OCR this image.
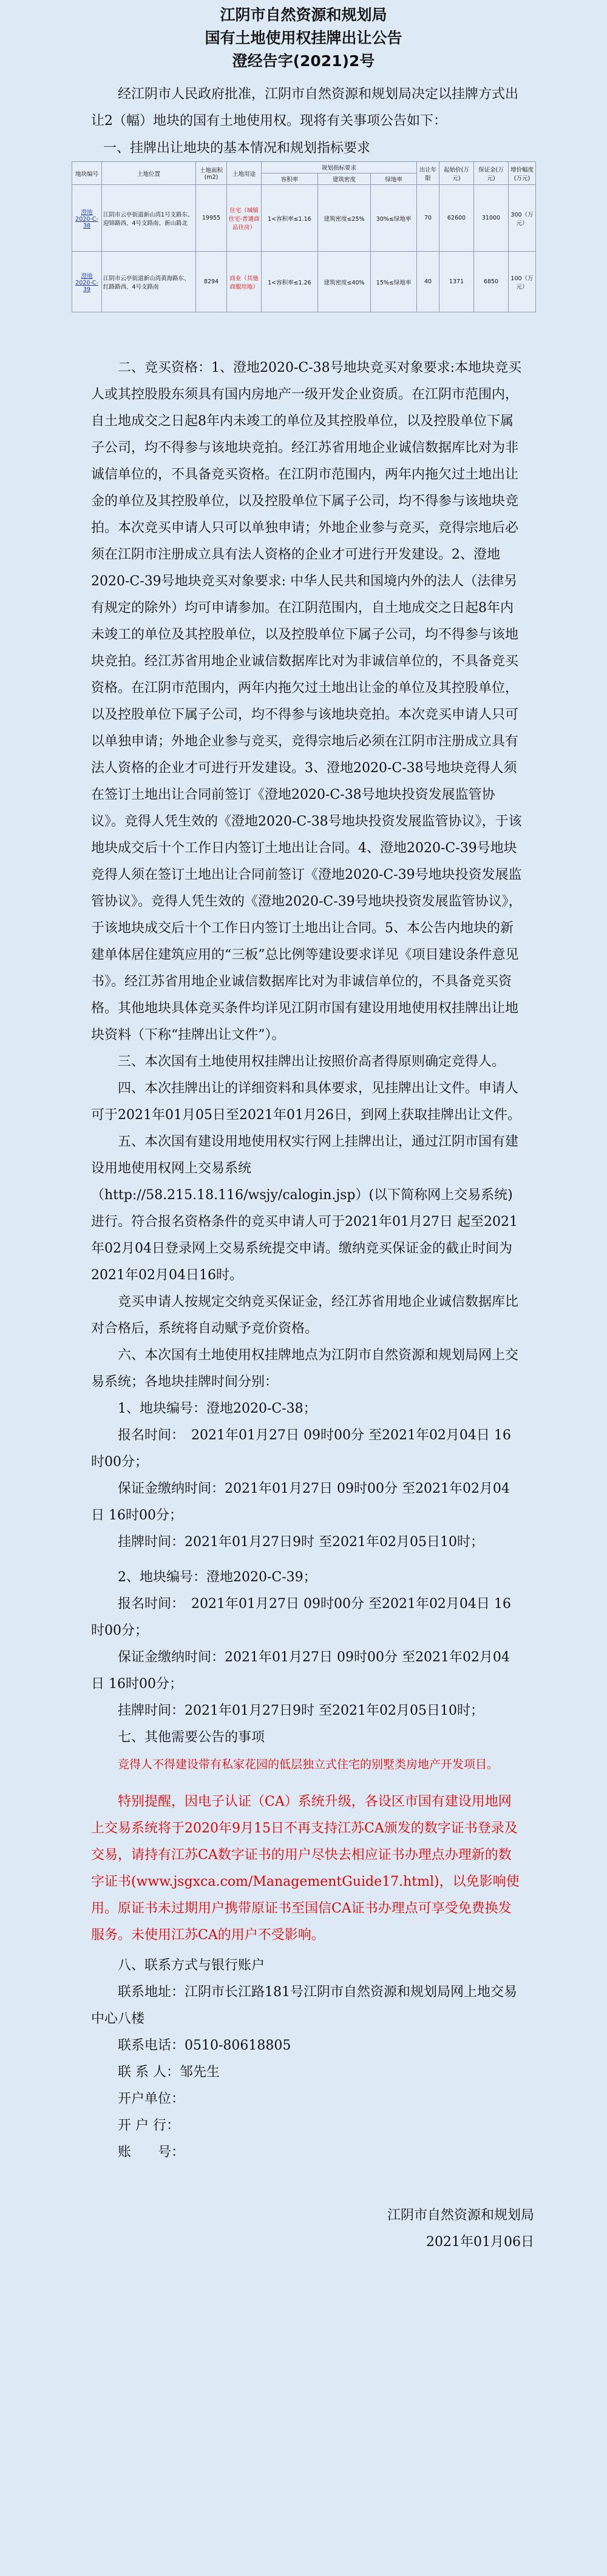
江阴市自然资源和规划局
国有土地使用权挂牌出让公告
澄经告字(2021)2号

经江阴市人民政府批准，江阴市自然资源和规划局决定以挂牌方式出让2（幅）地块的国有土地使用权。现将有关事项公告如下：

一、挂牌出让地块的基本情况和规划指标要求
地块编号	土地位置	土地面积(m2)	土地用途	规划指标要求			出让年限	起始价(万元)	保证金(万元)	增价幅度(万元)
				容积率	建筑密度	绿地率				
澄地2020-C-38	江阴市云亭街道新山湾1号支路东、迎锦路西、4号支路南、新山路北	19955	住宅（城镇住宅-普通商品住房）	1<容积率≤1.16	建筑密度≤25%	30%≤绿地率	70	62600	31000	300（万元）
澄地2020-C-39	江阴市云亭街道新山湾黄海路东、红路路西、4号支路南	8294	商业（其他商服用地）	1<容积率≤1.26	建筑密度≤40%	15%≤绿地率	40	1371	6850	100（万元）

二、竞买资格：1、澄地2020-C-38号地块竞买对象要求:本地块竞买人或其控股股东须具有国内房地产一级开发企业资质。在江阴市范围内，自土地成交之日起8年内未竣工的单位及其控股单位，以及控股单位下属子公司，均不得参与该地块竞拍。经江苏省用地企业诚信数据库比对为非诚信单位的，不具备竞买资格。在江阴市范围内，两年内拖欠过土地出让金的单位及其控股单位，以及控股单位下属子公司，均不得参与该地块竞拍。本次竞买申请人只可以单独申请；外地企业参与竞买，竞得宗地后必须在江阴市注册成立具有法人资格的企业才可进行开发建设。2、澄地2020-C-39号地块竞买对象要求: 中华人民共和国境内外的法人（法律另有规定的除外）均可申请参加。在江阴范围内，自土地成交之日起8年内未竣工的单位及其控股单位，以及控股单位下属子公司，均不得参与该地块竞拍。经江苏省用地企业诚信数据库比对为非诚信单位的，不具备竞买资格。在江阴市范围内，两年内拖欠过土地出让金的单位及其控股单位，以及控股单位下属子公司，均不得参与该地块竞拍。本次竞买申请人只可以单独申请；外地企业参与竞买，竞得宗地后必须在江阴市注册成立具有法人资格的企业才可进行开发建设。3、澄地2020-C-38号地块竞得人须在签订土地出让合同前签订《澄地2020-C-38号地块投资发展监管协议》。竞得人凭生效的《澄地2020-C-38号地块投资发展监管协议》，于该地块成交后十个工作日内签订土地出让合同。4、澄地2020-C-39号地块竞得人须在签订土地出让合同前签订《澄地2020-C-39号地块投资发展监管协议》。竞得人凭生效的《澄地2020-C-39号地块投资发展监管协议》，于该地块成交后十个工作日内签订土地出让合同。5、本公告内地块的新建单体居住建筑应用的“三板”总比例等建设要求详见《项目建设条件意见书》。经江苏省用地企业诚信数据库比对为非诚信单位的，不具备竞买资格。其他地块具体竞买条件均详见江阴市国有建设用地使用权挂牌出让地块资料（下称“挂牌出让文件”）。

三、本次国有土地使用权挂牌出让按照价高者得原则确定竞得人。

四、本次挂牌出让的详细资料和具体要求，见挂牌出让文件。申请人可于2021年01月05日至2021年01月26日，到网上获取挂牌出让文件。

五、本次国有建设用地使用权实行网上挂牌出让，通过江阴市国有建设用地使用权网上交易系统（http://58.215.18.116/wsjy/calogin.jsp）(以下简称网上交易系统)进行。符合报名资格条件的竞买申请人可于2021年01月27日 起至2021年02月04日登录网上交易系统提交申请。缴纳竞买保证金的截止时间为2021年02月04日16时。

竞买申请人按规定交纳竞买保证金，经江苏省用地企业诚信数据库比对合格后，系统将自动赋予竞价资格。

六、本次国有土地使用权挂牌地点为江阴市自然资源和规划局网上交易系统；各地块挂牌时间分别：

1、地块编号：澄地2020-C-38；

报名时间：　2021年01月27日 09时00分 至2021年02月04日 16时00分；

保证金缴纳时间：2021年01月27日 09时00分 至2021年02月04日 16时00分；

挂牌时间：2021年01月27日9时 至2021年02月05日10时；

2、地块编号：澄地2020-C-39；

报名时间：　2021年01月27日 09时00分 至2021年02月04日 16时00分；

保证金缴纳时间：2021年01月27日 09时00分 至2021年02月04日 16时00分；

挂牌时间：2021年01月27日9时 至2021年02月05日10时；

七、其他需要公告的事项

竞得人不得建设带有私家花园的低层独立式住宅的别墅类房地产开发项目。

特别提醒，因电子认证（CA）系统升级，各设区市国有建设用地网上交易系统将于2020年9月15日不再支持江苏CA颁发的数字证书登录及交易，请持有江苏CA数字证书的用户尽快去相应证书办理点办理新的数字证书(www.jsgxca.com/ManagementGuide17.html)，以免影响使用。原证书未过期用户携带原证书至国信CA证书办理点可享受免费换发服务。未使用江苏CA的用户不受影响。

八、联系方式与银行账户

联系地址：江阴市长江路181号江阴市自然资源和规划局网上地交易中心八楼

联系电话：0510-80618805

联 系 人：邹先生

开户单位：

开 户 行：

账　　号：

江阴市自然资源和规划局
2021年01月06日
